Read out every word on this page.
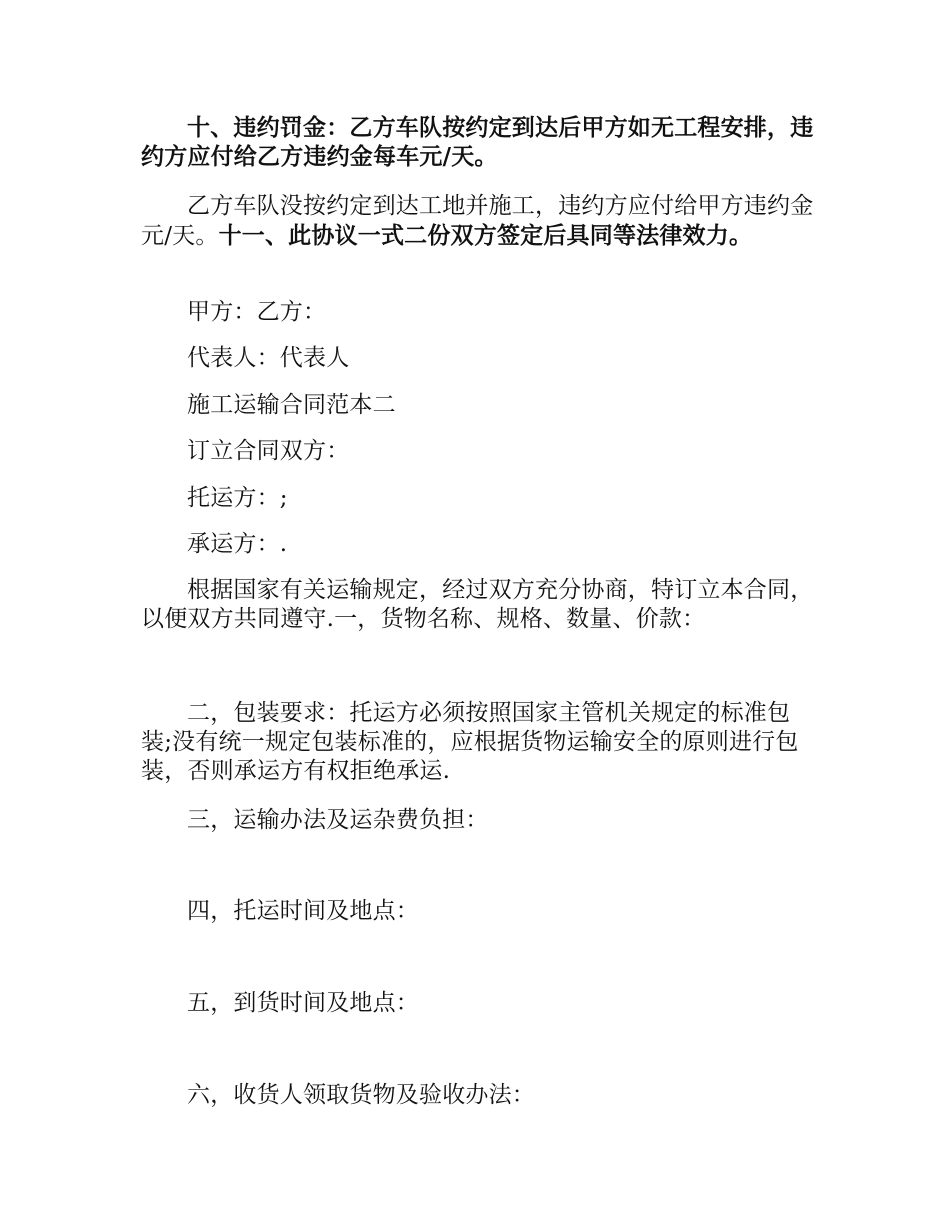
十、违约罚金：乙方车队按约定到达后甲方如无工程安排，违约方应付给乙方违约金每车元/天。

乙方车队没按约定到达工地并施工，违约方应付给甲方违约金元/天。十一、此协议一式二份双方签定后具同等法律效力。

甲方：乙方：

代表人：代表人

施工运输合同范本二

订立合同双方：

托运方：;

承运方：.

根据国家有关运输规定，经过双方充分协商，特订立本合同，以便双方共同遵守.一，货物名称、规格、数量、价款：

二，包装要求：托运方必须按照国家主管机关规定的标准包装;没有统一规定包装标准的，应根据货物运输安全的原则进行包装，否则承运方有权拒绝承运.

三，运输办法及运杂费负担：

四，托运时间及地点：

五，到货时间及地点：

六，收货人领取货物及验收办法：
